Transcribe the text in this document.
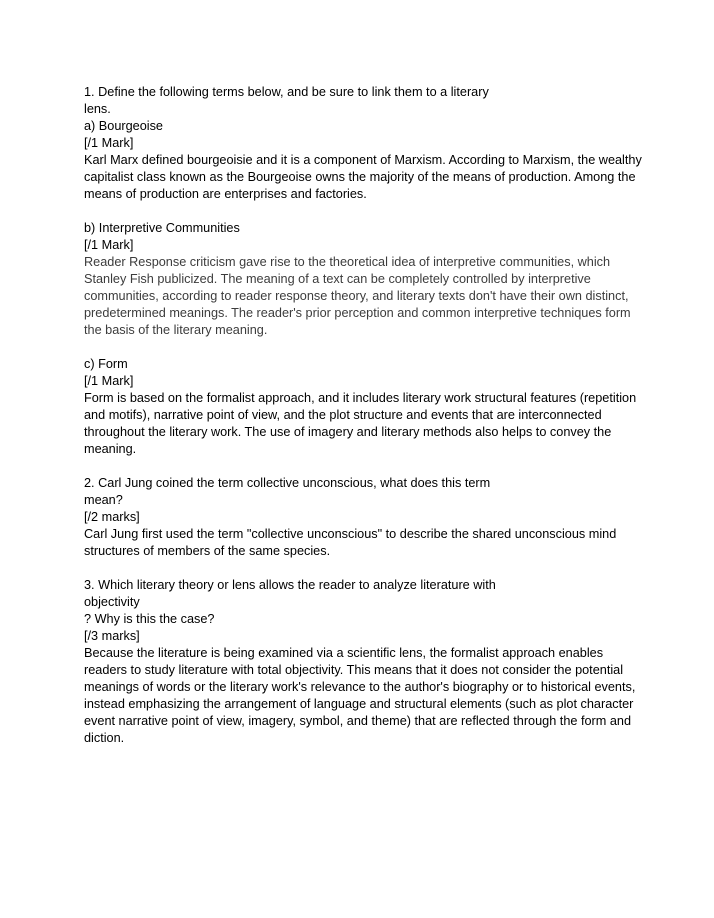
1. Define the following terms below, and be sure to link them to a literary
lens.
a) Bourgeoise
[/1 Mark]
Karl Marx defined bourgeoisie and it is a component of Marxism. According to Marxism, the wealthy capitalist class known as the Bourgeoise owns the majority of the means of production. Among the means of production are enterprises and factories.
b) Interpretive Communities
[/1 Mark]
Reader Response criticism gave rise to the theoretical idea of interpretive communities, which Stanley Fish publicized. The meaning of a text can be completely controlled by interpretive communities, according to reader response theory, and literary texts don't have their own distinct, predetermined meanings. The reader's prior perception and common interpretive techniques form the basis of the literary meaning.
c) Form
[/1 Mark]
Form is based on the formalist approach, and it includes literary work structural features (repetition and motifs), narrative point of view, and the plot structure and events that are interconnected throughout the literary work. The use of imagery and literary methods also helps to convey the meaning.
2. Carl Jung coined the term collective unconscious, what does this term
mean?
[/2 marks]
Carl Jung first used the term "collective unconscious" to describe the shared unconscious mind structures of members of the same species.
3. Which literary theory or lens allows the reader to analyze literature with
objectivity
? Why is this the case?
[/3 marks]
Because the literature is being examined via a scientific lens, the formalist approach enables readers to study literature with total objectivity. This means that it does not consider the potential meanings of words or the literary work's relevance to the author's biography or to historical events, instead emphasizing the arrangement of language and structural elements (such as plot character event narrative point of view, imagery, symbol, and theme) that are reflected through the form and diction.
